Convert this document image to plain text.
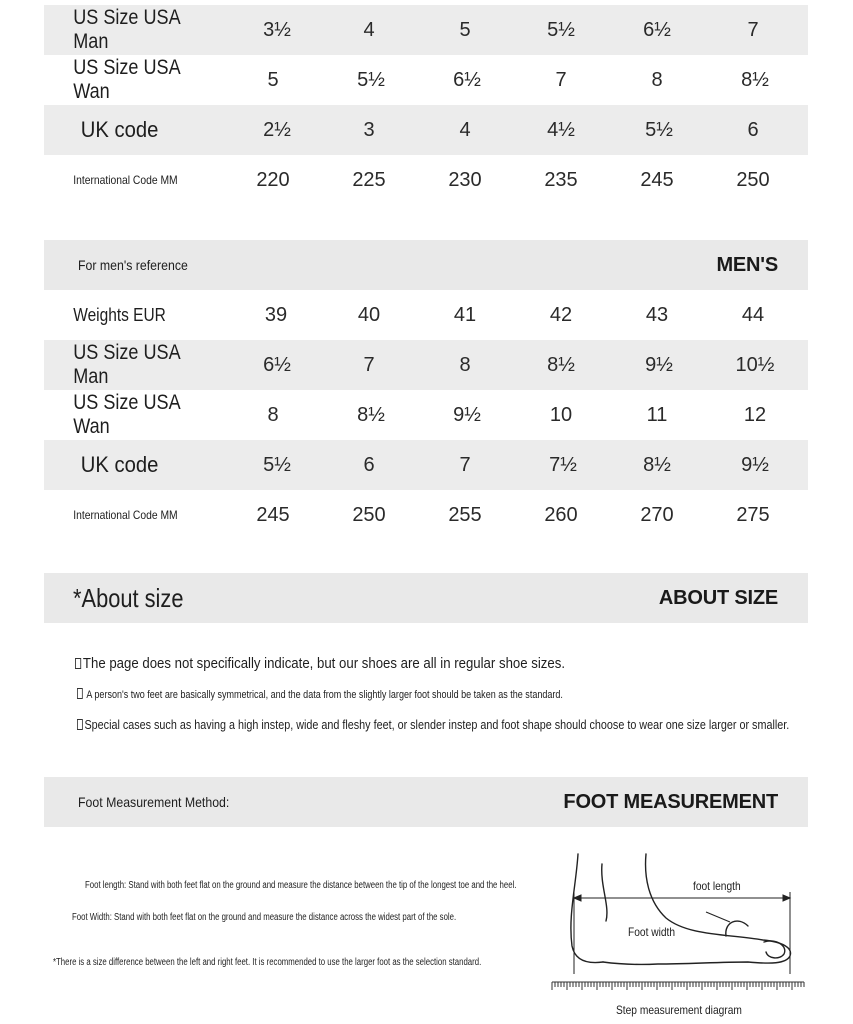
US Size USA Man
3½	4	5	5½	6½	7
US Size USA Wan
5	5½	6½	7	8	8½
UK code	2½	3	4	4½	5½	6
International Code MM	220	225	230	235	245	250
For men's reference	MEN'S
Weights EUR	39	40	41	42	43	44
US Size USA Man
6½	7	8	8½	9½	10½
US Size USA Wan
8	8½	9½	10	11	12
UK code	5½	6	7	7½	8½	9½
International Code MM	245	250	255	260	270	275
*About size	ABOUT SIZE
The page does not specifically indicate, but our shoes are all in regular shoe sizes.
A person's two feet are basically symmetrical, and the data from the slightly larger foot should be taken as the standard.
Special cases such as having a high instep, wide and fleshy feet, or slender instep and foot shape should choose to wear one size larger or smaller.
Foot Measurement Method:	FOOT MEASUREMENT
Foot length: Stand with both feet flat on the ground and measure the distance between the tip of the longest toe and the heel.
Foot Width: Stand with both feet flat on the ground and measure the distance across the widest part of the sole.
*There is a size difference between the left and right feet. It is recommended to use the larger foot as the selection standard.
foot length
Foot width
Step measurement diagram
